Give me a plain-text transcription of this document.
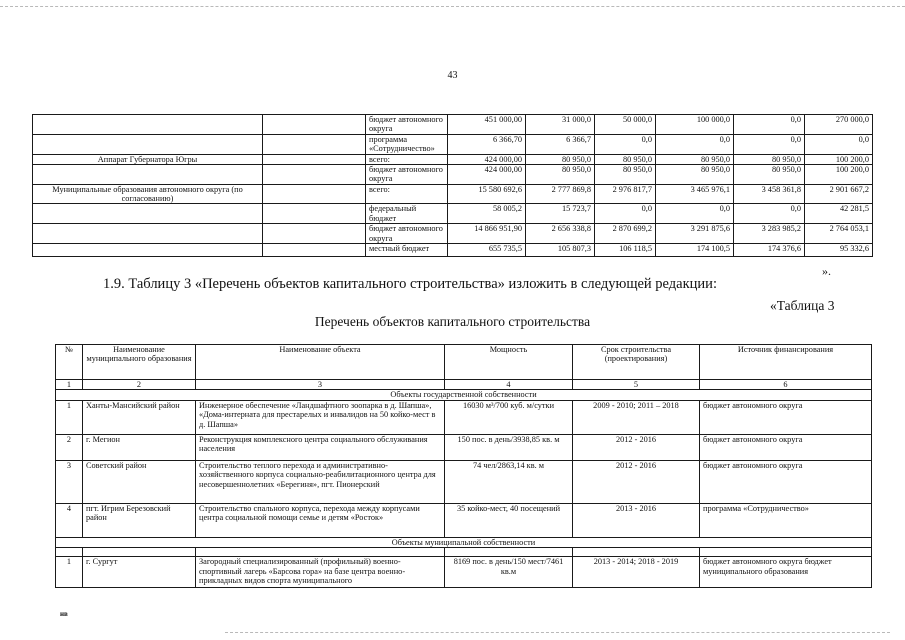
43
		бюджет автономного округа	451 000,00	31 000,0	50 000,0	100 000,0	0,0	270 000,0
		программа «Сотрудничество»	6 366,70	6 366,7	0,0	0,0	0,0	0,0
Аппарат Губернатора Югры		всего:	424 000,00	80 950,0	80 950,0	80 950,0	80 950,0	100 200,0
		бюджет автономного округа	424 000,00	80 950,0	80 950,0	80 950,0	80 950,0	100 200,0
Муниципальные образования автономного округа (по согласованию)		всего:	15 580 692,6	2 777 869,8	2 976 817,7	3 465 976,1	3 458 361,8	2 901 667,2
		федеральный бюджет	58 005,2	15 723,7	0,0	0,0	0,0	42 281,5
		бюджет автономного округа	14 866 951,90	2 656 338,8	2 870 699,2	3 291 875,6	3 283 985,2	2 764 053,1
		местный бюджет	655 735,5	105 807,3	106 118,5	174 100,5	174 376,6	95 332,6
».
1.9. Таблицу 3 «Перечень объектов капитального строительства» изложить в следующей редакции:
«Таблица 3
Перечень объектов капитального строительства
№	Наименование муниципального образования	Наименование объекта	Мощность	Срок строительства (проектирования)	Источник финансирования
1	2	3	4	5	6
Объекты государственной собственности					
1	Ханты-Мансийский район	Инженерное обеспечение «Ландшафтного зоопарка в д. Шапша», «Дома-интерната для престарелых и инвалидов на 50 койко-мест в д. Шапша»	16030 м³/700 куб. м/сутки	2009 - 2010; 2011 – 2018	бюджет автономного округа
2	г. Мегион	Реконструкция комплексного центра социального обслуживания населения	150 пос. в день/3938,85 кв. м	2012 - 2016	бюджет автономного округа
3	Советский район	Строительство теплого перехода и административно-хозяйственного корпуса социально-реабилитационного центра для несовершеннолетних «Берегиня», пгт. Пионерский	74 чел/2863,14 кв. м	2012 - 2016	бюджет автономного округа
4	пгт. Игрим Березовский район	Строительство спального корпуса, перехода между корпусами центра социальной помощи семье и детям «Росток»	35 койко-мест, 40 посещений	2013 - 2016	программа «Сотрудничество»
Объекты муниципальной собственности					

1	г. Сургут	Загородный специализированный (профильный) военно-спортивный лагерь «Барсова гора» на базе центра военно-прикладных видов спорта муниципального	8169 пос. в день/150 мест/7461 кв.м	2013 - 2014; 2018 - 2019	бюджет автономного округа бюджет муниципального образования
нв
